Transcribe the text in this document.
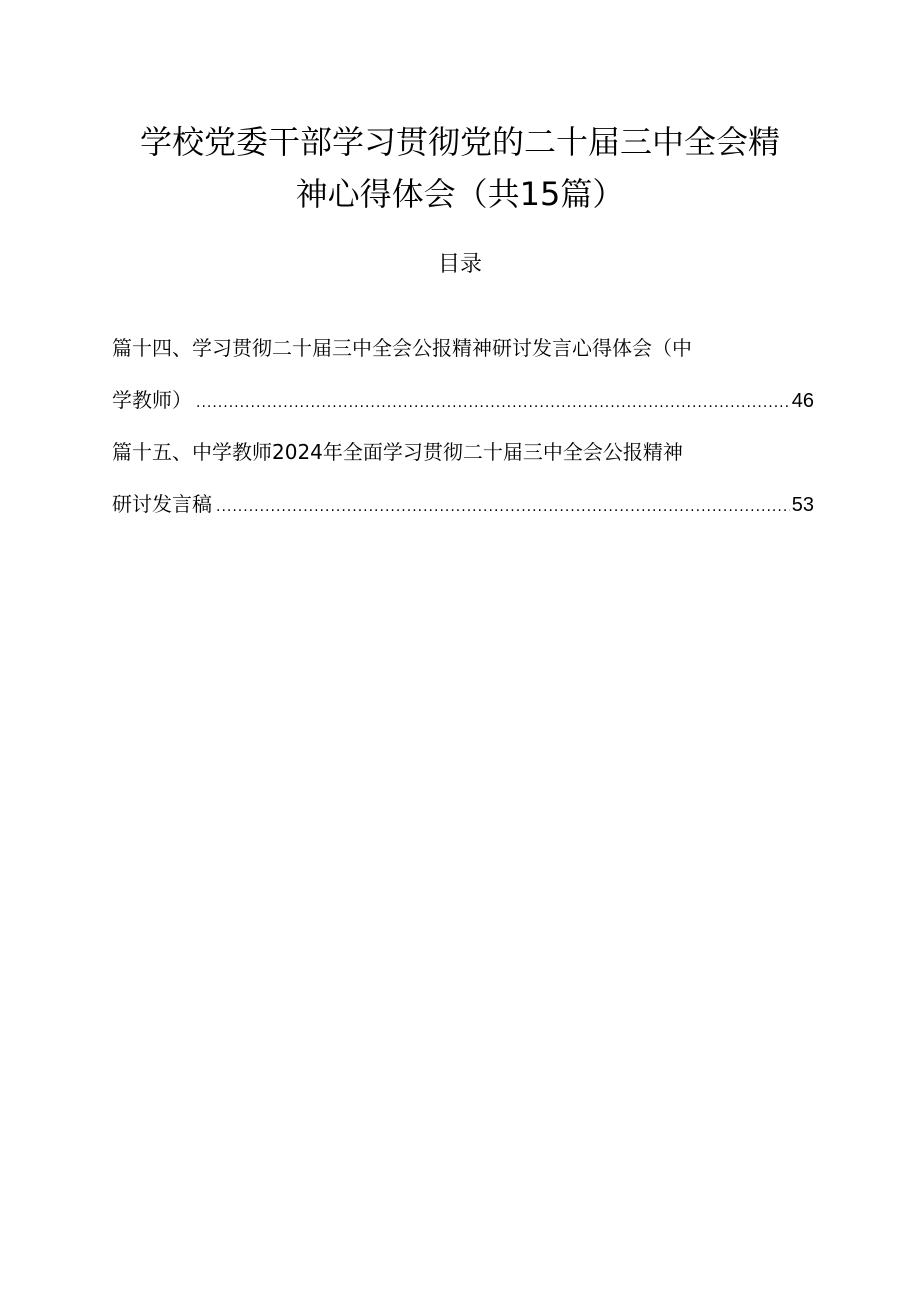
学校党委干部学习贯彻党的二十届三中全会精
神心得体会（共15篇）
目录
篇十四、学习贯彻二十届三中全会公报精神研讨发言心得体会（中
学教师） .....	46
篇十五、中学教师2024年全面学习贯彻二十届三中全会公报精神
研讨发言稿 .....	53
